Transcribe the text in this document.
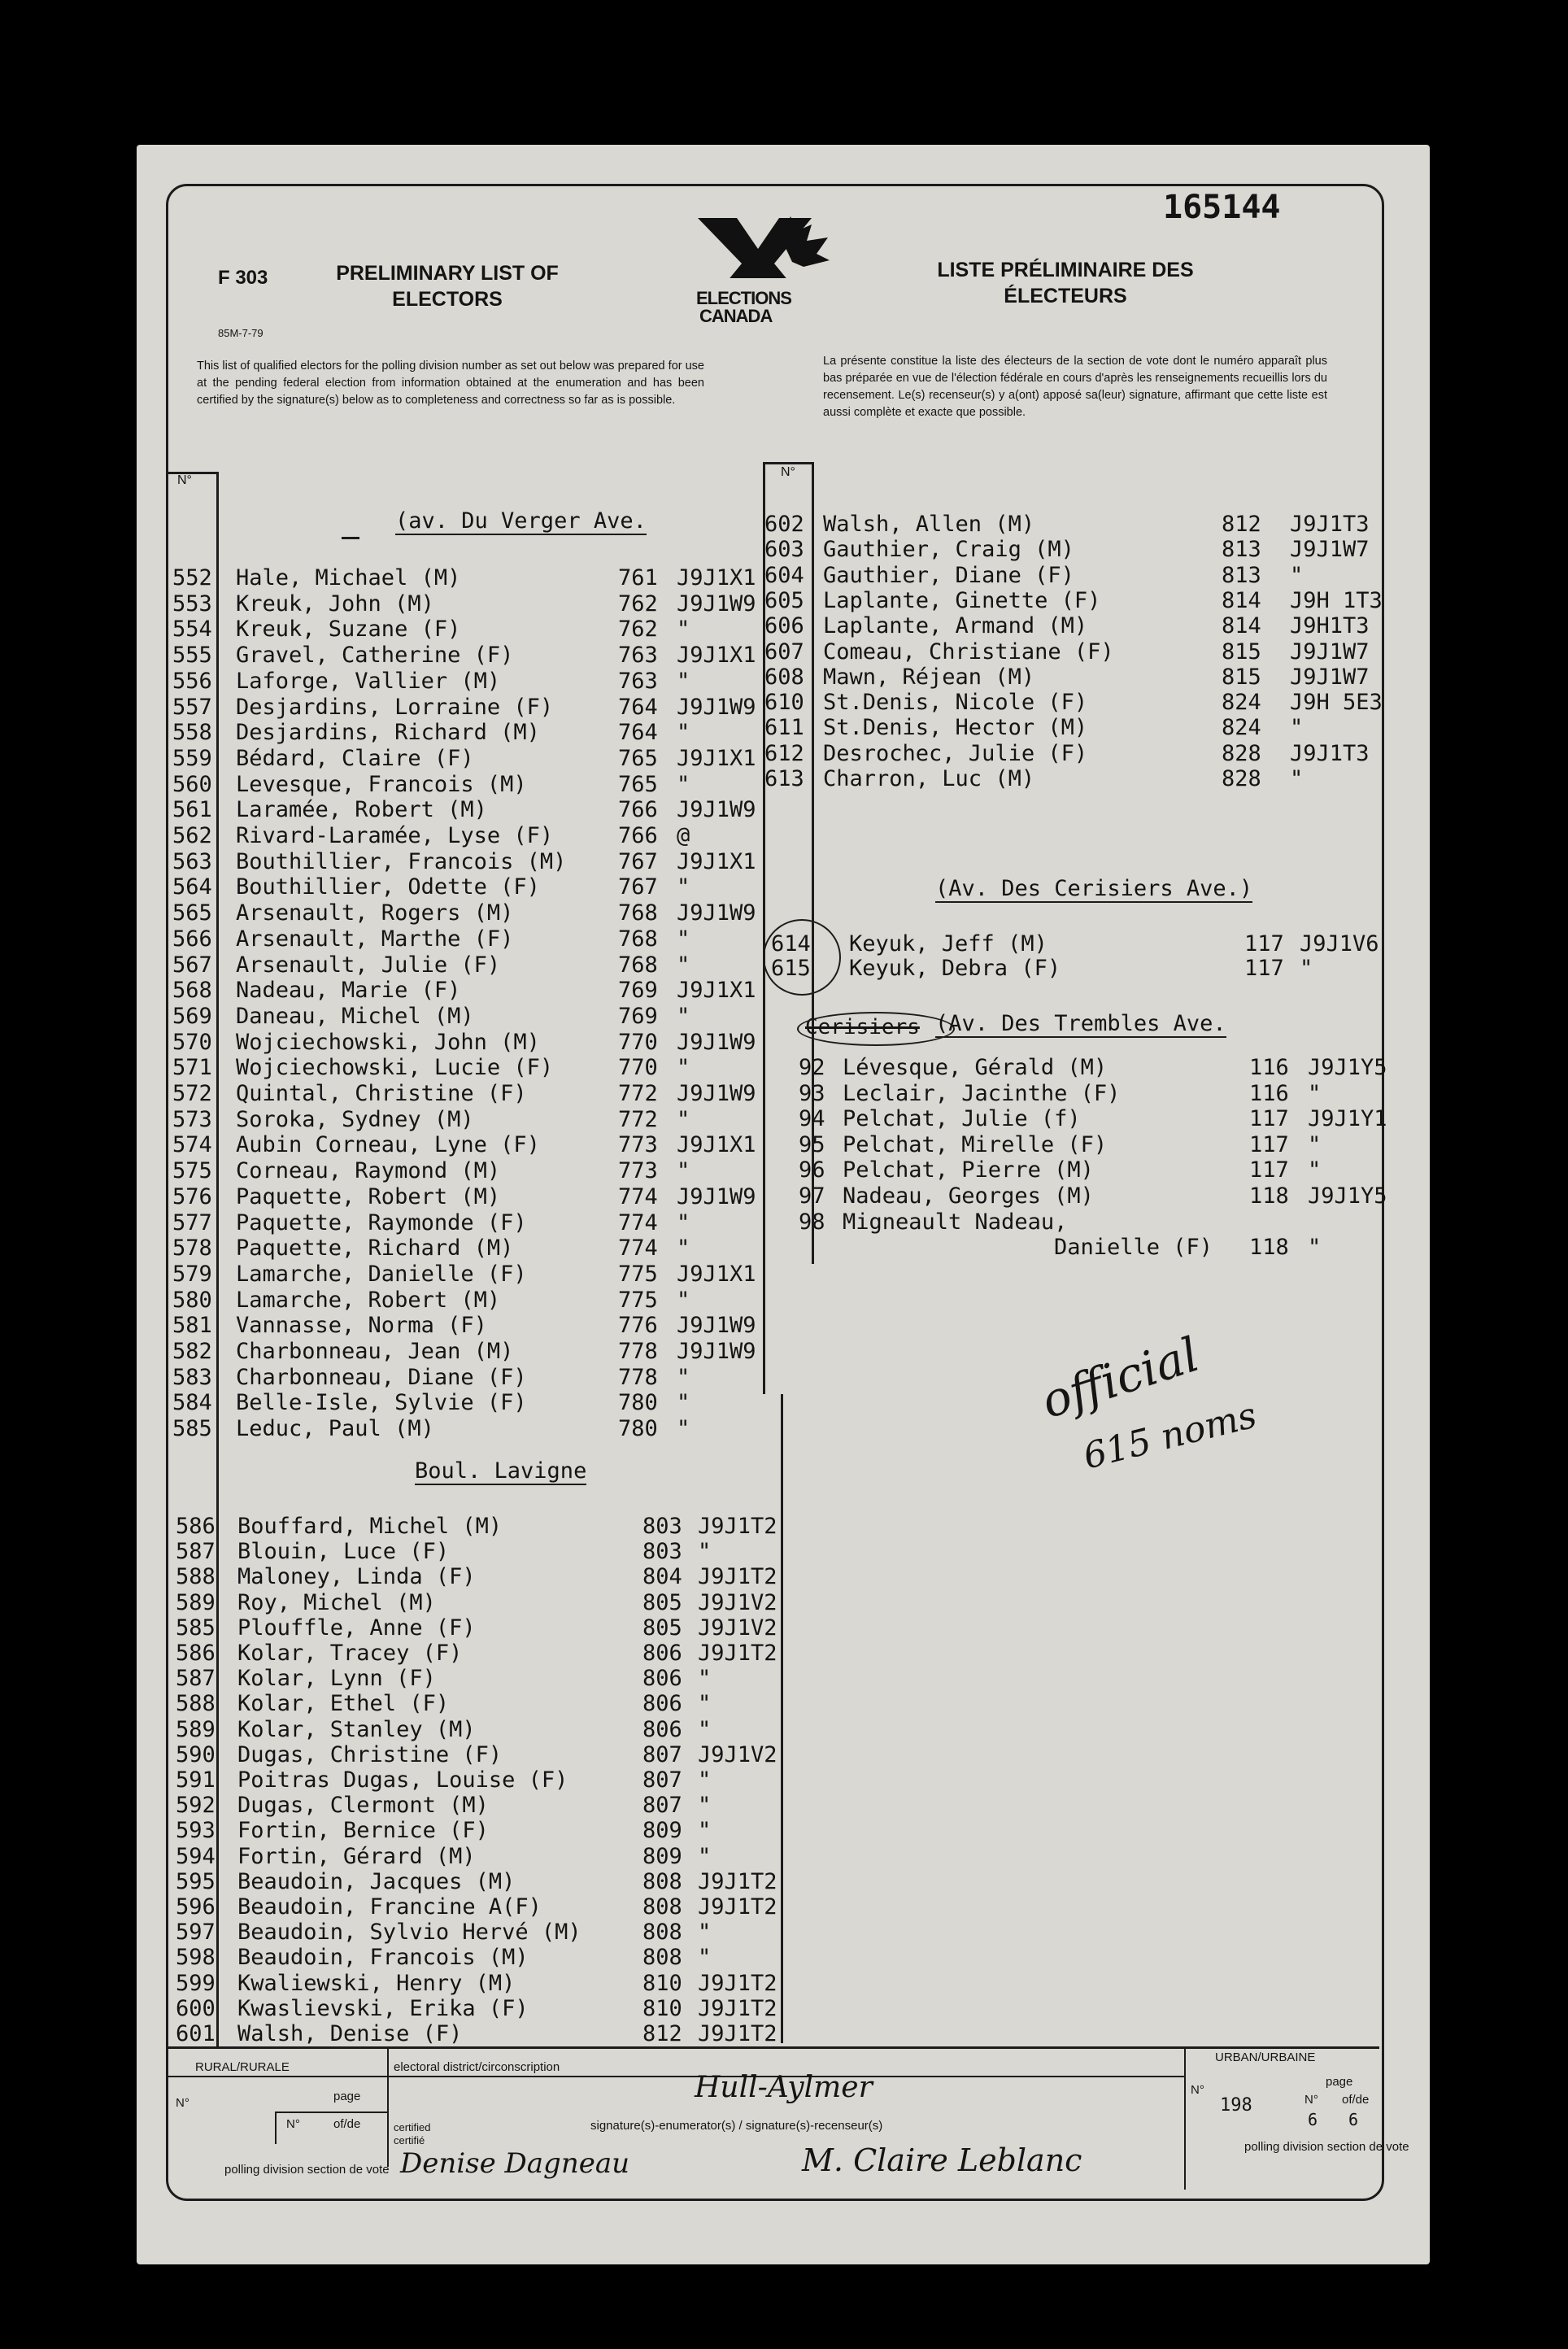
165144
F 303
85M-7-79
PRELIMINARY LIST OF ELECTORS
LISTE PRÉLIMINAIRE DES ÉLECTEURS
ELECTIONS
CANADA
This list of qualified electors for the polling division number as set out below was prepared for use at the pending federal election from information obtained at the enumeration and has been certified by the signature(s) below as to completeness and correctness so far as is possible.
La présente constitue la liste des électeurs de la section de vote dont le numéro apparaît plus bas préparée en vue de l'élection fédérale en cours d'après les renseignements recueillis lors du recensement. Le(s) recenseur(s) y a(ont) apposé sa(leur) signature, affirmant que cette liste est aussi complète et exacte que possible.
N°
N°
(av. Du Verger Ave.
552 Hale, Michael (M)	761 J9J1X1
553 Kreuk, John (M)	762 J9J1W9
554 Kreuk, Suzane (F)	762 "
555 Gravel, Catherine (F)	763 J9J1X1
556 Laforge, Vallier (M)	763 "
557 Desjardins, Lorraine (F)	764 J9J1W9
558 Desjardins, Richard (M)	764 "
559 Bédard, Claire (F)	765 J9J1X1
560 Levesque, Francois (M)	765 "
561 Laramée, Robert (M)	766 J9J1W9
562 Rivard-Laramée, Lyse (F)	766 @
563 Bouthillier, Francois (M) 767 J9J1X1
564 Bouthillier, Odette (F)	767 "
565 Arsenault, Rogers (M)	768 J9J1W9
566 Arsenault, Marthe (F)	768 "
567 Arsenault, Julie (F)	768 "
568 Nadeau, Marie (F)	769 J9J1X1
569 Daneau, Michel (M)	769 "
570 Wojciechowski, John (M)	770 J9J1W9
571 Wojciechowski, Lucie (F)	770 "
572 Quintal, Christine (F)	772 J9J1W9
573 Soroka, Sydney (M)	772 "
574 Aubin Corneau, Lyne (F)	773 J9J1X1
575 Corneau, Raymond (M)	773 "
576 Paquette, Robert (M)	774 J9J1W9
577 Paquette, Raymonde (F)	774 "
578 Paquette, Richard (M)	774 "
579 Lamarche, Danielle (F)	775 J9J1X1
580 Lamarche, Robert (M)	775 "
581 Vannasse, Norma (F)	776 J9J1W9
582 Charbonneau, Jean (M)	778 J9J1W9
583 Charbonneau, Diane (F)	778 "
584 Belle-Isle, Sylvie (F)	780 "
585 Leduc, Paul (M)	780 "
Boul. Lavigne
586 Bouffard, Michel (M)	803 J9J1T2
587 Blouin, Luce (F)	803 "
588 Maloney, Linda (F)	804 J9J1T2
589 Roy, Michel (M)	805 J9J1V2
585 Plouffle, Anne (F)	805 J9J1V2
586 Kolar, Tracey (F)	806 J9J1T2
587 Kolar, Lynn (F)	806 "
588 Kolar, Ethel (F)	806 "
589 Kolar, Stanley (M)	806 "
590 Dugas, Christine (F)	807 J9J1V2
591 Poitras Dugas, Louise (F)	807 "
592 Dugas, Clermont (M)	807 "
593 Fortin, Bernice (F)	809 "
594 Fortin, Gérard (M)	809 "
595 Beaudoin, Jacques (M)	808 J9J1T2
596 Beaudoin, Francine A(F)	808 J9J1T2
597 Beaudoin, Sylvio Hervé (M)	808 "
598 Beaudoin, Francois (M)	808 "
599 Kwaliewski, Henry (M)	810 J9J1T2
600 Kwaslievski, Erika (F)	810 J9J1T2
601 Walsh, Denise (F)	812 J9J1T2
602 Walsh, Allen (M)	812 J9J1T3
603 Gauthier, Craig (M)	813 J9J1W7
604 Gauthier, Diane (F)	813 "
605 Laplante, Ginette (F)	814 J9H 1T3
606 Laplante, Armand (M)	814 J9H1T3
607 Comeau, Christiane (F)	815 J9J1W7
608 Mawn, Réjean (M)	815 J9J1W7
610 St.Denis, Nicole (F)	824 J9H 5E3
611 St.Denis, Hector (M)	824 "
612 Desrochec, Julie (F)	828 J9J1T3
613 Charron, Luc (M)	828 "
(Av. Des Cerisiers Ave.)
614 Keyuk, Jeff (M)	117 J9J1V6
615 Keyuk, Debra (F)	117 "
Cerisiers (Av. Des Trembles Ave.
92 Lévesque, Gérald (M)	116 J9J1Y5
93 Leclair, Jacinthe (F)	116 "
94 Pelchat, Julie (f)	117 J9J1Y1
95 Pelchat, Mirelle (F)	117 "
96 Pelchat, Pierre (M)	117 "
97 Nadeau, Georges (M)	118 J9J1Y5
98 Migneault Nadeau,
Danielle (F) 118 "
official
615 noms
RURAL/RURALE	electoral district/circonscription
URBAN/URBAINE
N°	page
N°	of/de
polling division section de vote
Hull-Aylmer
certified certifié
signature(s)-enumerator(s) / signature(s)-recenseur(s)
Denise Dagneau	M. Claire Leblanc
N°
page
198	N° of/de
6 6
polling division section de vote
